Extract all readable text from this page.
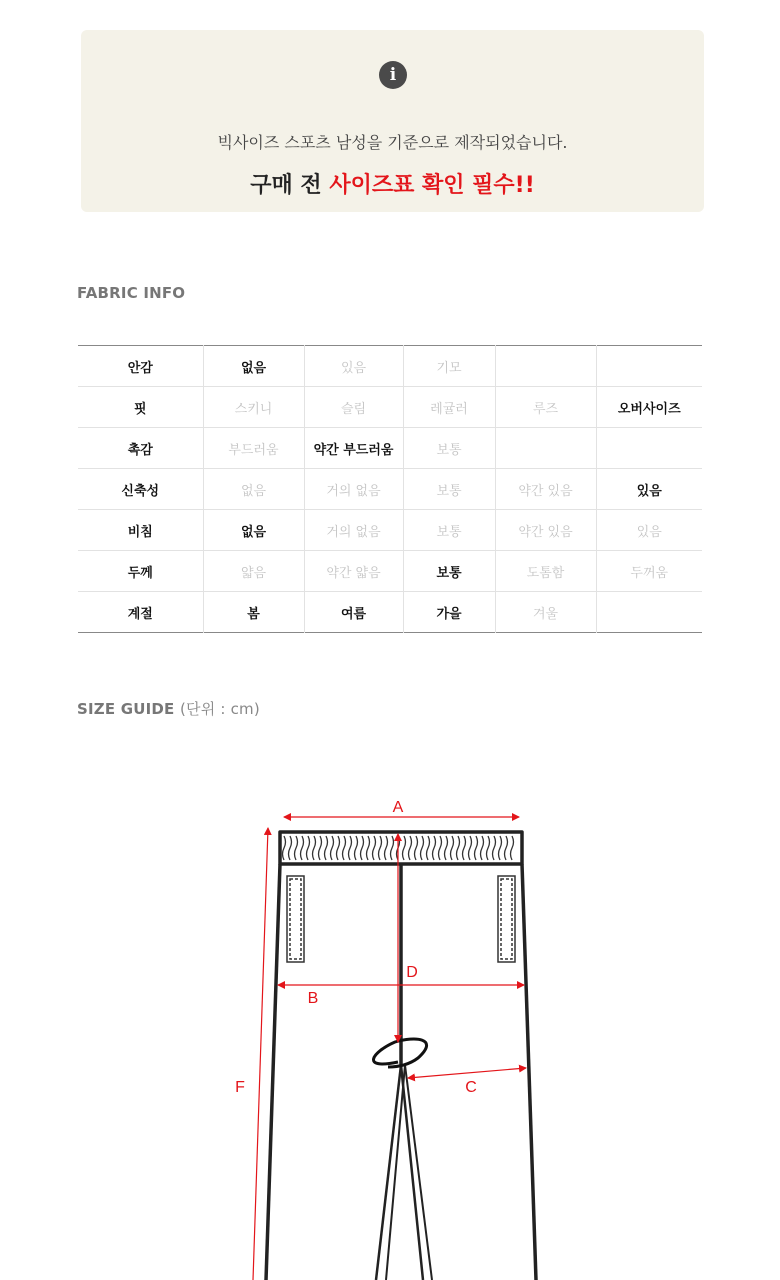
i
빅사이즈 스포츠 남성을 기준으로 제작되었습니다.
구매 전 사이즈표 확인 필수!!
FABRIC INFO
안감	없음	있음	기모		
핏	스키니	슬림	레귤러	루즈	오버사이즈
촉감	부드러움	약간 부드러움	보통		
신축성	없음	거의 없음	보통	약간 있음	있음
비침	없음	거의 없음	보통	약간 있음	있음
두께	얇음	약간 얇음	보통	도톰함	두꺼움
계절	봄	여름	가을	겨울	
SIZE GUIDE (단위 : cm)
A
B
C
D
F
